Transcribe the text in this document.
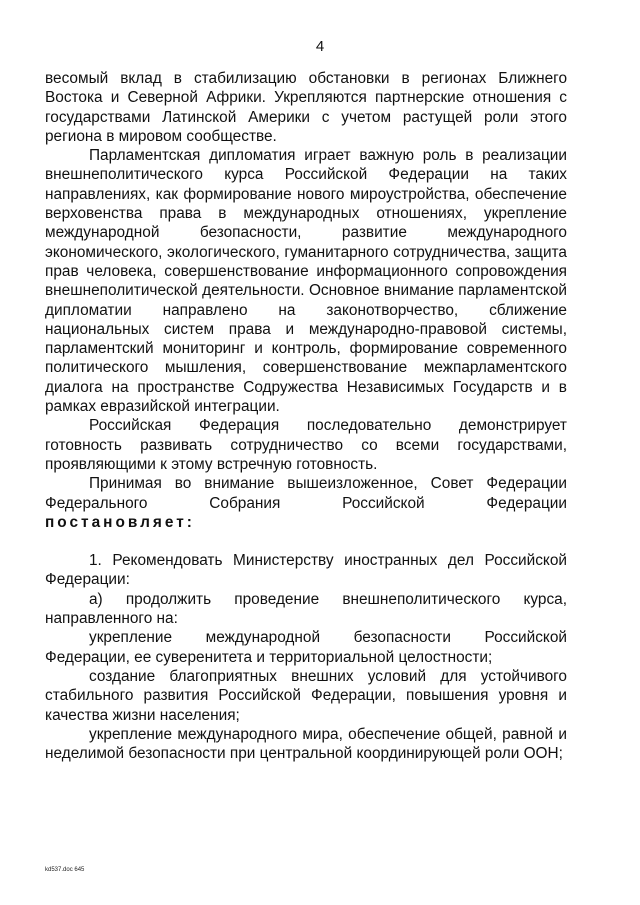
4

весомый вклад в стабилизацию обстановки в регионах Ближнего Востока и Северной Африки. Укрепляются партнерские отношения с государствами Латинской Америки с учетом растущей роли этого региона в мировом сообществе.

Парламентская дипломатия играет важную роль в реализации внешнеполитического курса Российской Федерации на таких направлениях, как формирование нового мироустройства, обеспечение верховенства права в международных отношениях, укрепление международной безопасности, развитие международного экономического, экологического, гуманитарного сотрудничества, защита прав человека, совершенствование информационного сопровождения внешнеполитической деятельности. Основное внимание парламентской дипломатии направлено на законотворчество, сближение национальных систем права и международно-правовой системы, парламентский мониторинг и контроль, формирование современного политического мышления, совершенствование межпарламентского диалога на пространстве Содружества Независимых Государств и в рамках евразийской интеграции.

Российская Федерация последовательно демонстрирует готовность развивать сотрудничество со всеми государствами, проявляющими к этому встречную готовность.

Принимая во внимание вышеизложенное, Совет Федерации Федерального Собрания Российской Федерации

постановляет:

1. Рекомендовать Министерству иностранных дел Российской Федерации:

а) продолжить проведение внешнеполитического курса, направленного на:

укрепление международной безопасности Российской Федерации, ее суверенитета и территориальной целостности;

создание благоприятных внешних условий для устойчивого стабильного развития Российской Федерации, повышения уровня и качества жизни населения;

укрепление международного мира, обеспечение общей, равной и неделимой безопасности при центральной координирующей роли ООН;

kd537.doc 645
